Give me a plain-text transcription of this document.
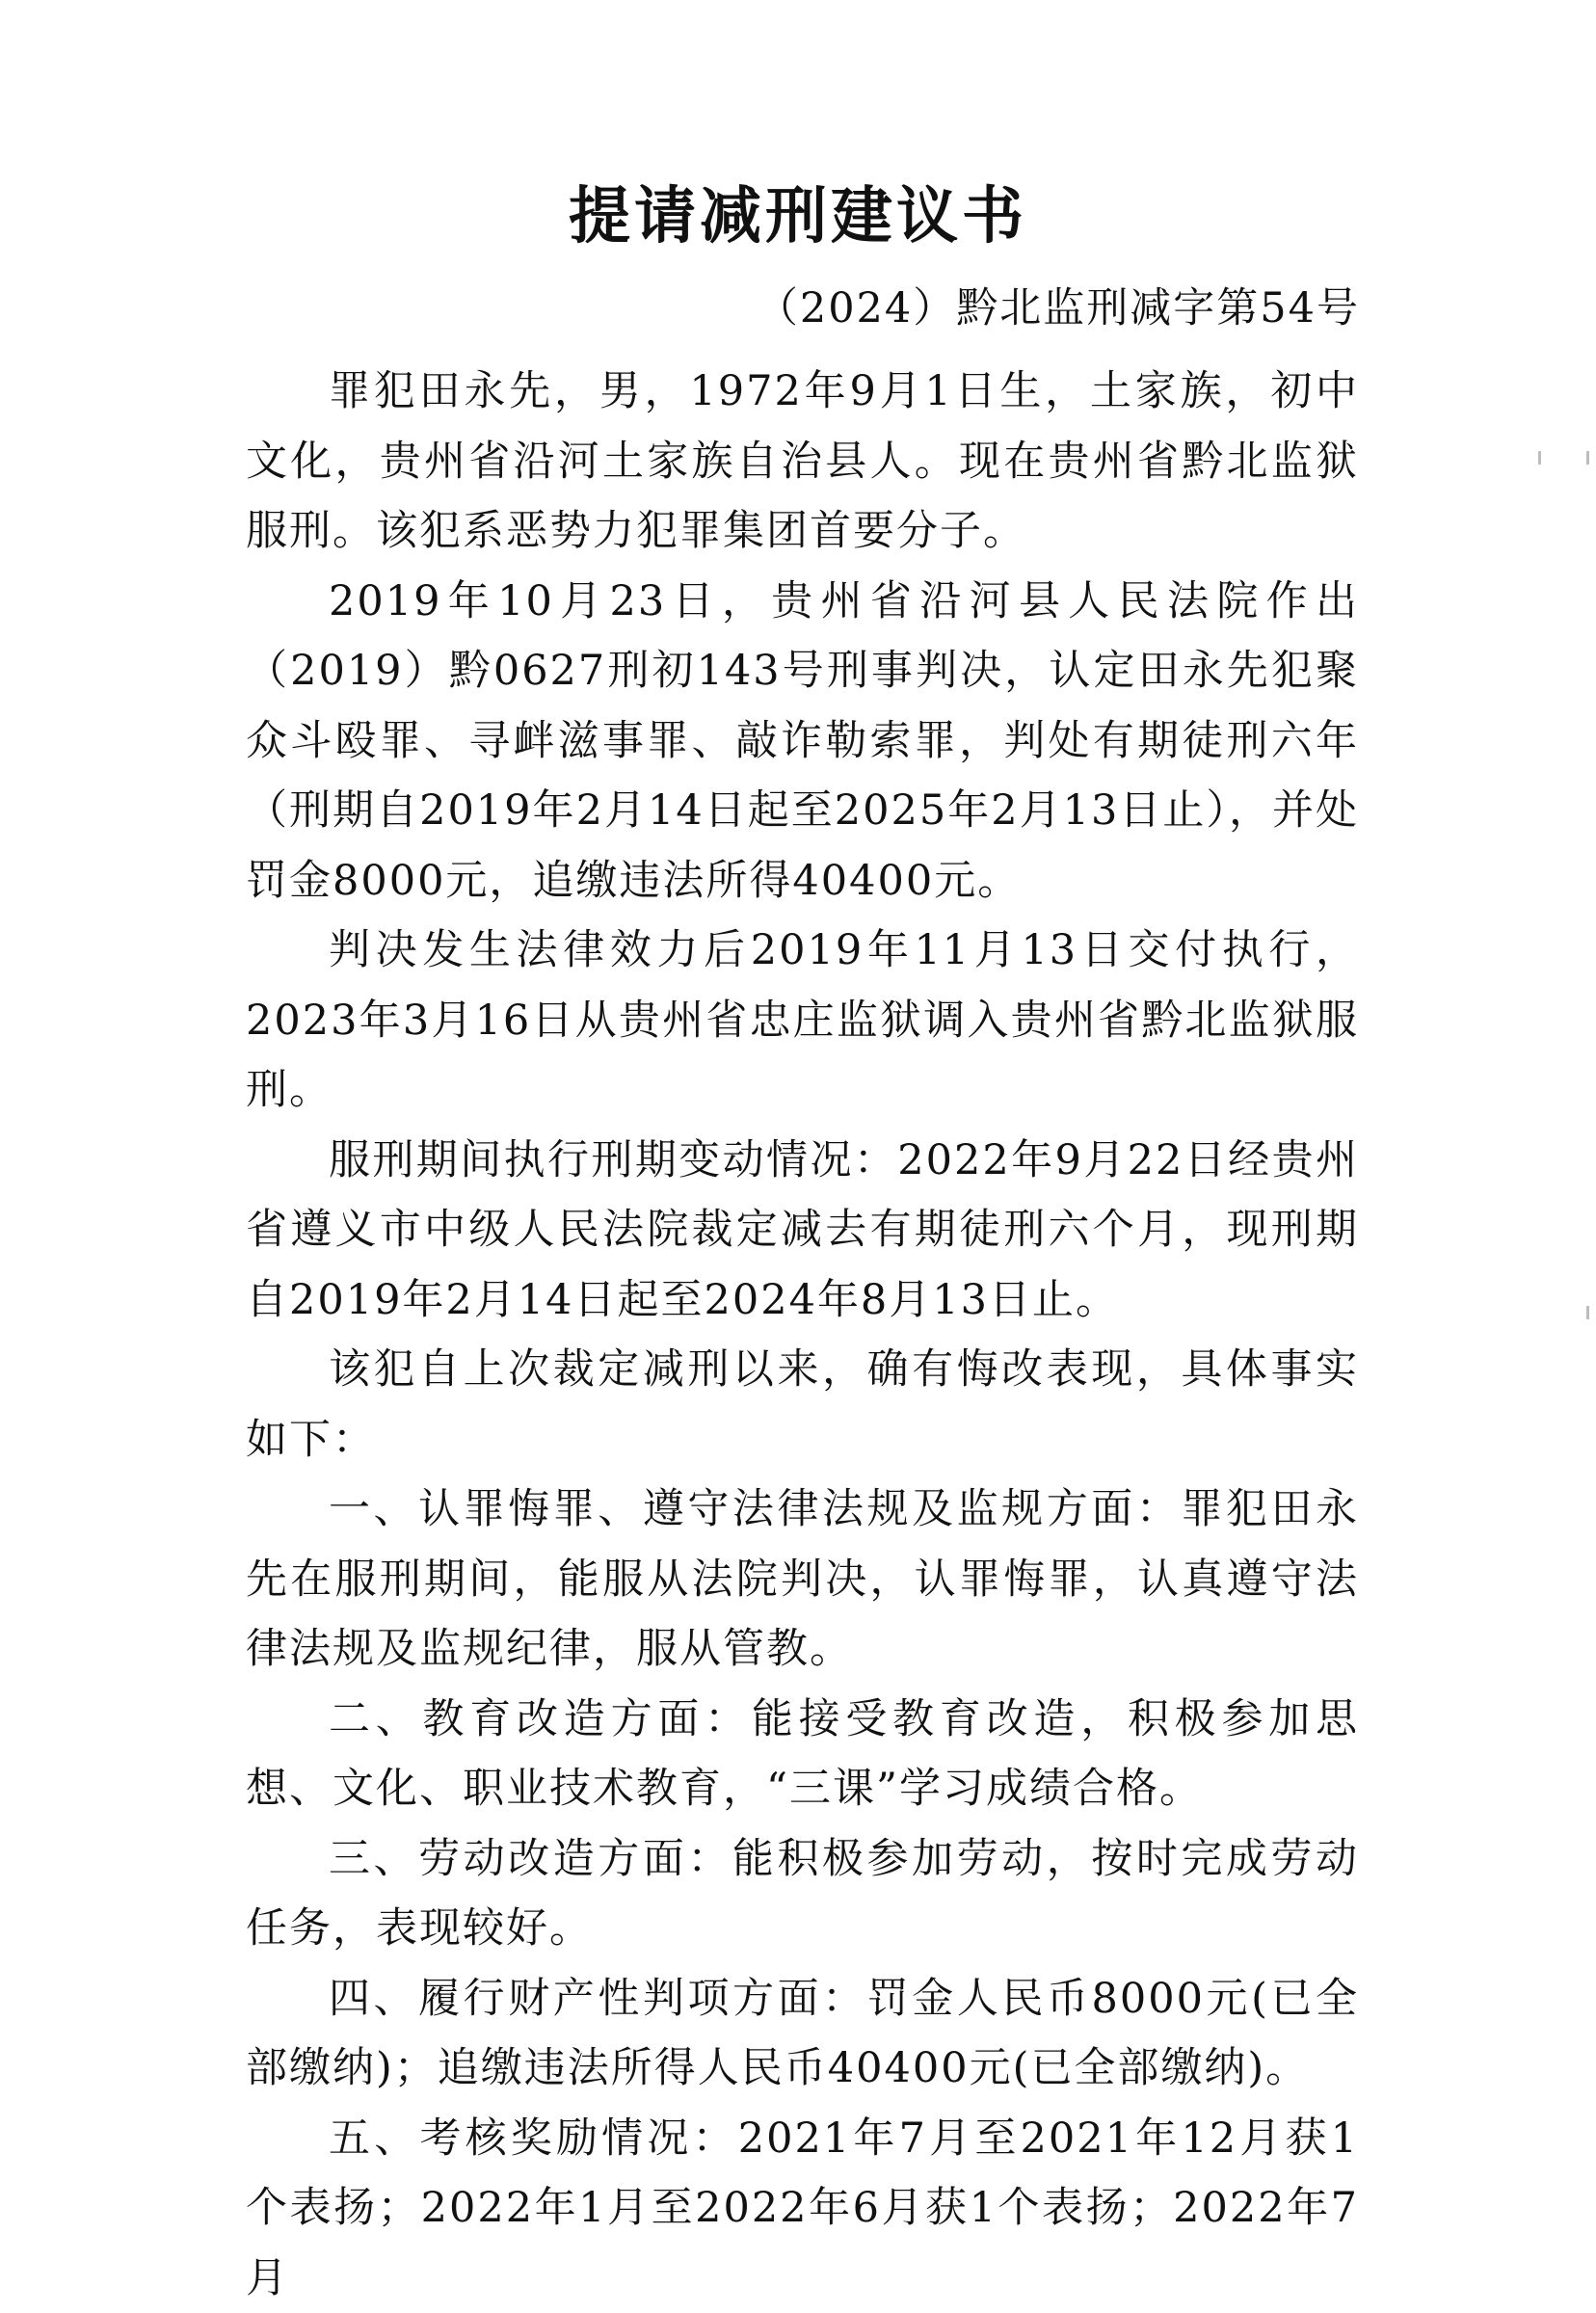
提请减刑建议书
（2024）黔北监刑减字第54号

罪犯田永先，男，1972年9月1日生，土家族，初中文化，贵州省沿河土家族自治县人。现在贵州省黔北监狱服刑。该犯系恶势力犯罪集团首要分子。

2019年10月23日，贵州省沿河县人民法院作出（2019）黔0627刑初143号刑事判决，认定田永先犯聚众斗殴罪、寻衅滋事罪、敲诈勒索罪，判处有期徒刑六年（刑期自2019年2月14日起至2025年2月13日止），并处罚金8000元，追缴违法所得40400元。

判决发生法律效力后2019年11月13日交付执行，2023年3月16日从贵州省忠庄监狱调入贵州省黔北监狱服刑。

服刑期间执行刑期变动情况：2022年9月22日经贵州省遵义市中级人民法院裁定减去有期徒刑六个月，现刑期自2019年2月14日起至2024年8月13日止。

该犯自上次裁定减刑以来，确有悔改表现，具体事实如下：

一、认罪悔罪、遵守法律法规及监规方面：罪犯田永先在服刑期间，能服从法院判决，认罪悔罪，认真遵守法律法规及监规纪律，服从管教。

二、教育改造方面：能接受教育改造，积极参加思想、文化、职业技术教育，“三课”学习成绩合格。

三、劳动改造方面：能积极参加劳动，按时完成劳动任务，表现较好。

四、履行财产性判项方面：罚金人民币8000元(已全部缴纳)；追缴违法所得人民币40400元(已全部缴纳)。

五、考核奖励情况：2021年7月至2021年12月获1个表扬；2022年1月至2022年6月获1个表扬；2022年7月
